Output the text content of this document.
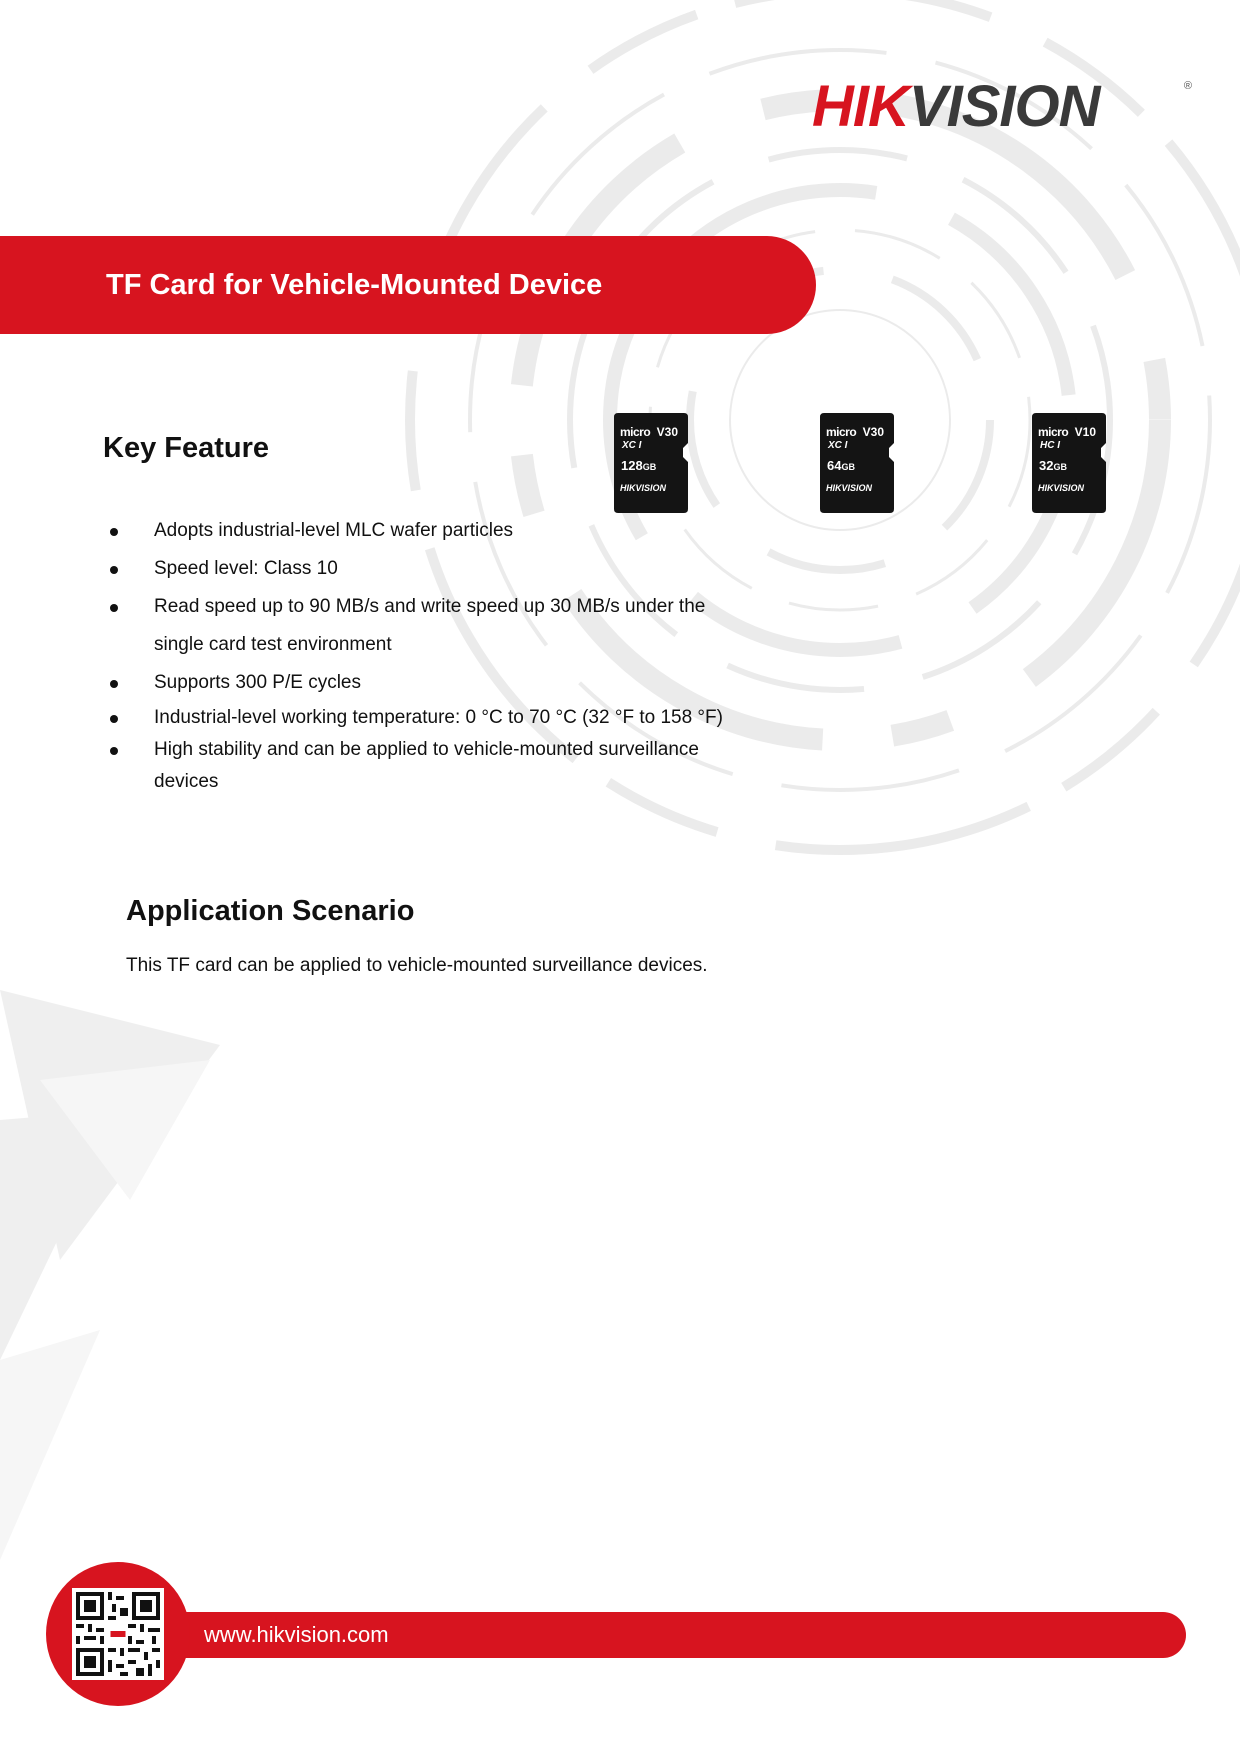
HIKVISION	®
TF Card for Vehicle-Mounted Device
Key Feature	micro V30
XC I
128GB
HIKVISION
micro V30
XC I
64GB
HIKVISION
micro V10
HC I
32GB
HIKVISION
Adopts industrial-level MLC wafer particles
Speed level: Class 10
Read speed up to 90 MB/s and write speed up 30 MB/s under the
single card test environment
Supports 300 P/E cycles
Industrial-level working temperature: 0 °C to 70 °C (32 °F to 158 °F)
High stability and can be applied to vehicle-mounted surveillance
devices
Application Scenario
This TF card can be applied to vehicle-mounted surveillance devices.
www.hikvision.com
